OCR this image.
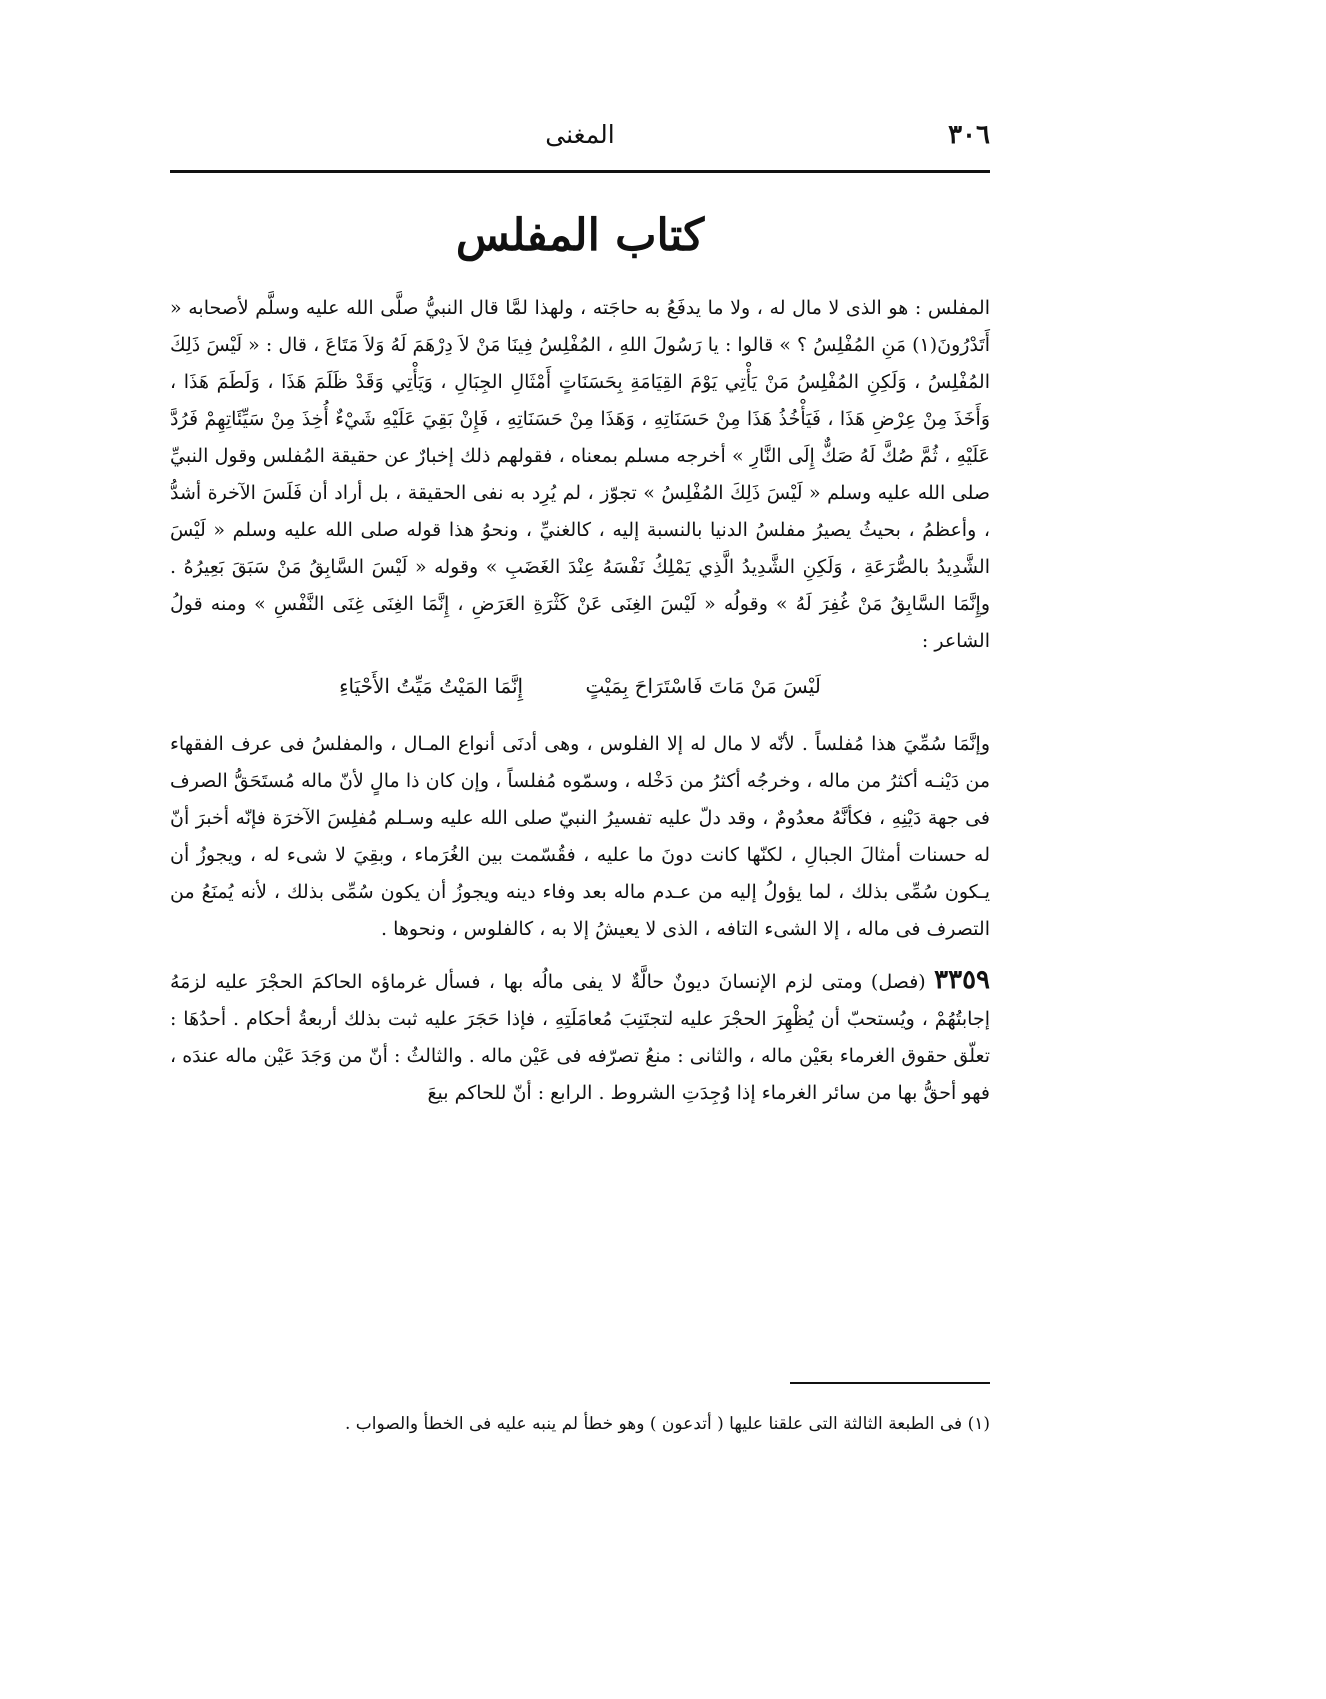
٣٠٦
المغنى
كتاب المفلس

المفلس : هو الذى لا مال له ، ولا ما يدفَعُ به حاجَته ، ولهذا لمَّا قال النبيُّ صلَّى الله عليه وسلَّم لأصحابه « أَتَدْرُونَ(١) مَنِ المُفْلِسُ ؟ » قالوا : يا رَسُولَ اللهِ ، المُفْلِسُ فِينَا مَنْ لاَ دِرْهَمَ لَهُ وَلاَ مَتَاعَ ، قال : « لَيْسَ ذَلِكَ المُفْلِسُ ، وَلَكِنِ المُفْلِسُ مَنْ يَأْتِي يَوْمَ القِيَامَةِ بِحَسَنَاتٍ أَمْثَالِ الجِبَالِ ، وَيَأْتِي وَقَدْ ظَلَمَ هَذَا ، وَلَطَمَ هَذَا ، وَأَخَذَ مِنْ عِرْضِ هَذَا ، فَيَأْخُذُ هَذَا مِنْ حَسَنَاتِهِ ، وَهَذَا مِنْ حَسَنَاتِهِ ، فَإِنْ بَقِيَ عَلَيْهِ شَيْءٌ أُخِذَ مِنْ سَيِّئَاتِهِمْ فَرُدَّ عَلَيْهِ ، ثُمَّ صُكَّ لَهُ صَكٌّ إِلَى النَّارِ » أخرجه مسلم بمعناه ، فقولهم ذلك إخبارٌ عن حقيقة المُفلس وقول النبيِّ صلى الله عليه وسلم « لَيْسَ ذَلِكَ المُفْلِسُ » تجوّز ، لم يُرِد به نفى الحقيقة ، بل أراد أن فَلَسَ الآخرة أشدُّ ، وأعظمُ ، بحيثُ يصيرُ مفلسُ الدنيا بالنسبة إليه ، كالغنيِّ ، ونحوُ هذا قوله صلى الله عليه وسلم « لَيْسَ الشَّدِيدُ بالصُّرَعَةِ ، وَلَكِنِ الشَّدِيدُ الَّذِي يَمْلِكُ نَفْسَهُ عِنْدَ الغَضَبِ » وقوله « لَيْسَ السَّابِقُ مَنْ سَبَقَ بَعِيرُهُ . وإِنَّمَا السَّابِقُ مَنْ غُفِرَ لَهُ » وقولُه « لَيْسَ الغِنَى عَنْ كَثْرَةِ العَرَضِ ، إِنَّمَا الغِنَى غِنَى النَّفْسِ » ومنه قولُ الشاعر :

لَيْسَ مَنْ مَاتَ فَاسْتَرَاحَ بِمَيْتٍ إِنَّمَا المَيْتُ مَيِّتُ الأَحْيَاءِ

وإنَّمَا سُمِّيَ هذا مُفلساً . لأنّه لا مال له إلا الفلوس ، وهى أدنَى أنواع المـال ، والمفلسُ فى عرف الفقهاء من دَيْنـه أكثرُ من ماله ، وخرجُه أكثرُ من دَخْله ، وسمّوه مُفلساً ، وإن كان ذا مالٍ لأنّ ماله مُستَحَقُّ الصرف فى جهة دَيْنِهِ ، فكأنَّهُ معدُومٌ ، وقد دلّ عليه تفسيرُ النبيّ صلى الله عليه وسـلم مُفلِسَ الآخرَة فإنّه أخبرَ أنّ له حسنات أمثالَ الجبالِ ، لكنّها كانت دونَ ما عليه ، فقُسّمت بين الغُرَماء ، وبقِيَ لا شىء له ، ويجوزُ أن يـكون سُمِّى بذلك ، لما يؤولُ إليه من عـدم ماله بعد وفاء دينه ويجوزُ أن يكون سُمِّى بذلك ، لأنه يُمنَعُ من التصرف فى ماله ، إلا الشىء التافه ، الذى لا يعيشُ إلا به ، كالفلوس ، ونحوها .

٣٣٥٩ (فصل) ومتى لزم الإنسانَ ديونٌ حالَّةٌ لا يفى مالُه بها ، فسأل غرماؤه الحاكمَ الحجْرَ عليه لزمَهُ إجابتُهُمْ ، ويُستحبّ أن يُظْهِرَ الحجْرَ عليه لتجتَنِبَ مُعامَلَتِهِ ، فإذا حَجَرَ عليه ثبت بذلك أربعةُ أحكام . أحدُهَا : تعلّق حقوق الغرماء بعَيْن ماله ، والثانى : منعُ تصرّفه فى عَيْن ماله . والثالثُ : أنّ من وَجَدَ عَيْن ماله عندَه ، فهو أحقُّ بها من سائر الغرماء إذا وُجِدَتِ الشروط . الرابع : أنّ للحاكم بيعَ

(١) فى الطبعة الثالثة التى علقنا عليها ( أتدعون ) وهو خطأ لم ينبه عليه فى الخطأ والصواب .
